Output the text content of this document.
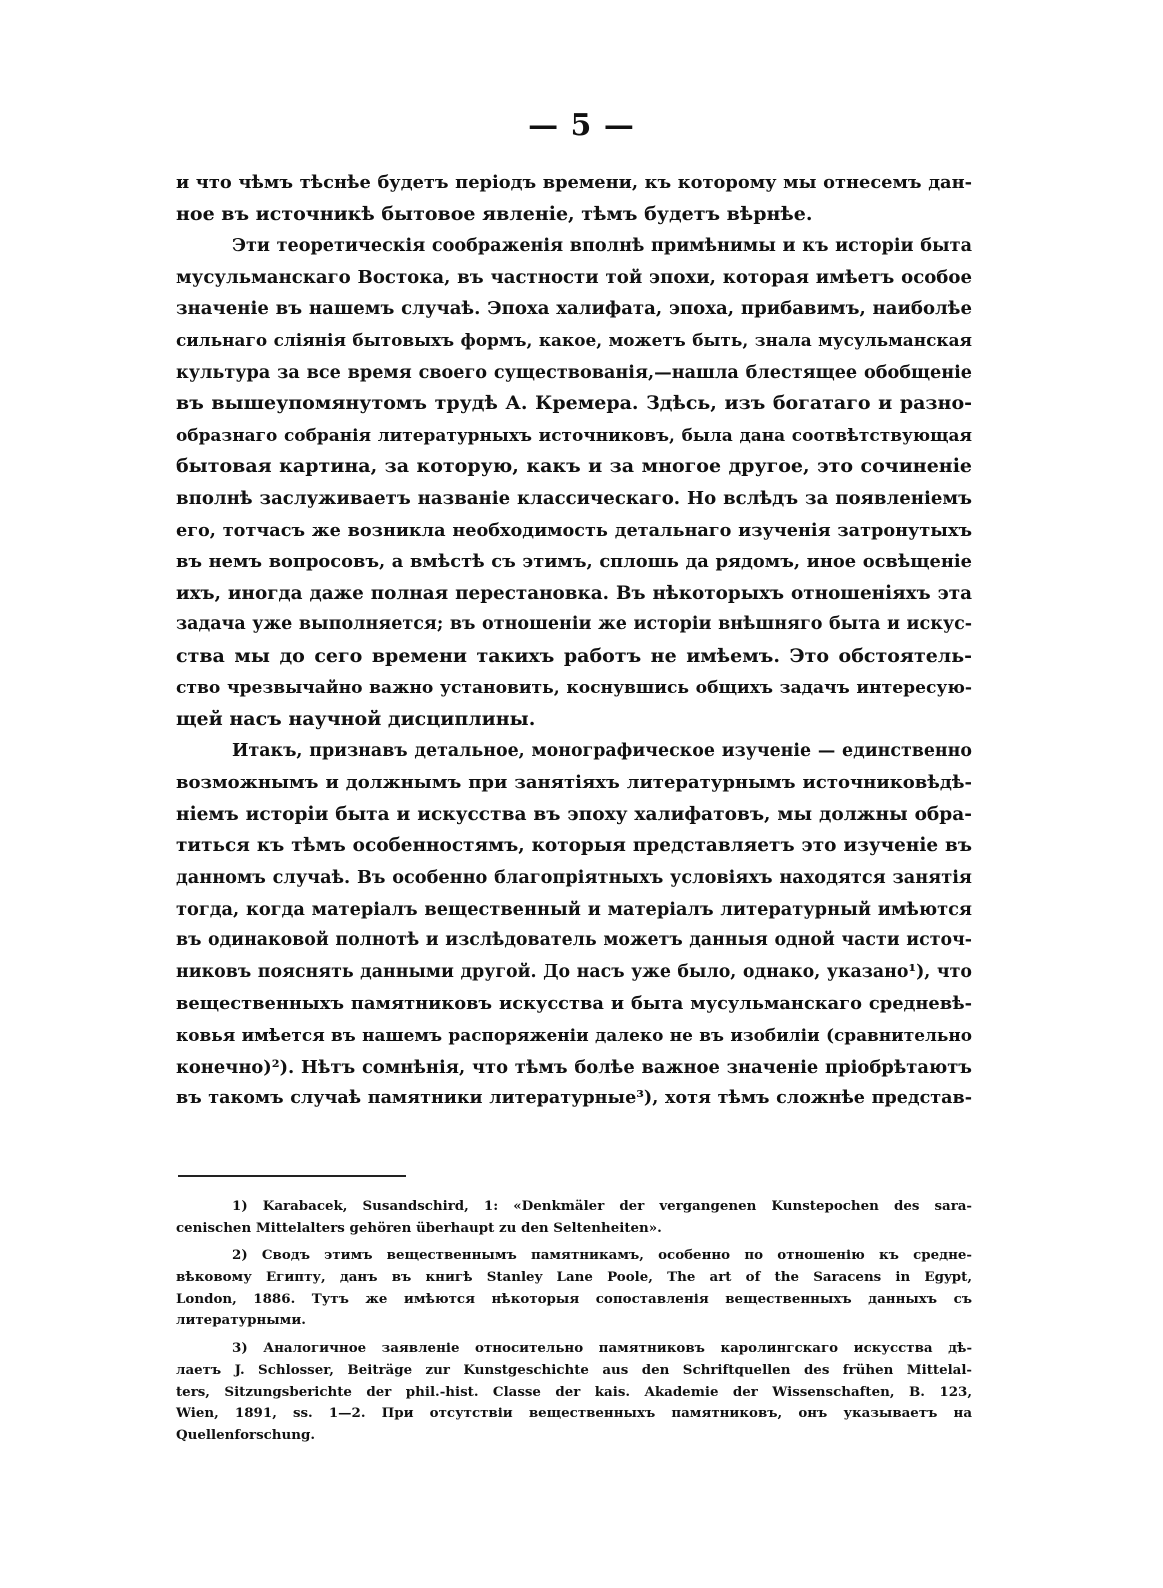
— 5 —
и что чѣмъ тѣснѣе будетъ періодъ времени, къ которому мы отнесемъ дан-
ное въ источникѣ бытовое явленіе, тѣмъ будетъ вѣрнѣе.
Эти теоретическія соображенія вполнѣ примѣнимы и къ исторіи быта
мусульманскаго Востока, въ частности той эпохи, которая имѣетъ особое
значеніе въ нашемъ случаѣ. Эпоха халифата, эпоха, прибавимъ, наиболѣе
сильнаго сліянія бытовыхъ формъ, какое, можетъ быть, знала мусульманская
культура за все время своего существованія,—нашла блестящее обобщеніе
въ вышеупомянутомъ трудѣ А. Кремера. Здѣсь, изъ богатаго и разно-
образнаго собранія литературныхъ источниковъ, была дана соотвѣтствующая
бытовая картина, за которую, какъ и за многое другое, это сочиненіе
вполнѣ заслуживаетъ названіе классическаго. Но вслѣдъ за появленіемъ
его, тотчасъ же возникла необходимость детальнаго изученія затронутыхъ
въ немъ вопросовъ, а вмѣстѣ съ этимъ, сплошь да рядомъ, иное освѣщеніе
ихъ, иногда даже полная перестановка. Въ нѣкоторыхъ отношеніяхъ эта
задача уже выполняется; въ отношеніи же исторіи внѣшняго быта и искус-
ства мы до сего времени такихъ работъ не имѣемъ. Это обстоятель-
ство чрезвычайно важно установить, коснувшись общихъ задачъ интересую-
щей насъ научной дисциплины.
Итакъ, признавъ детальное, монографическое изученіе — единственно
возможнымъ и должнымъ при занятіяхъ литературнымъ источниковѣдѣ-
ніемъ исторіи быта и искусства въ эпоху халифатовъ, мы должны обра-
титься къ тѣмъ особенностямъ, которыя представляетъ это изученіе въ
данномъ случаѣ. Въ особенно благопріятныхъ условіяхъ находятся занятія
тогда, когда матеріалъ вещественный и матеріалъ литературный имѣются
въ одинаковой полнотѣ и изслѣдователь можетъ данныя одной части источ-
никовъ пояснять данными другой. До насъ уже было, однако, указано¹), что
вещественныхъ памятниковъ искусства и быта мусульманскаго средневѣ-
ковья имѣется въ нашемъ распоряженіи далеко не въ изобиліи (сравнительно
конечно)²). Нѣтъ сомнѣнія, что тѣмъ болѣе важное значеніе пріобрѣтаютъ
въ такомъ случаѣ памятники литературные³), хотя тѣмъ сложнѣе представ-
1) Karabacek, Susandschird, 1: «Denkmäler der vergangenen Kunstepochen des sara-
cenischen Mittelalters gehören überhaupt zu den Seltenheiten».
2) Сводъ этимъ вещественнымъ памятникамъ, особенно по отношенію къ средне-
вѣковому Египту, данъ въ книгѣ Stanley Lane Poole, The art of the Saracens in Egypt,
London, 1886. Тутъ же имѣются нѣкоторыя сопоставленія вещественныхъ данныхъ съ
литературными.
3) Аналогичное заявленіе относительно памятниковъ каролингскаго искусства дѣ-
лаетъ J. Schlosser, Beiträge zur Kunstgeschichte aus den Schriftquellen des frühen Mittelal-
ters, Sitzungsberichte der phil.-hist. Classe der kais. Akademie der Wissenschaften, B. 123,
Wien, 1891, ss. 1—2. При отсутствіи вещественныхъ памятниковъ, онъ указываетъ на
Quellenforschung.
